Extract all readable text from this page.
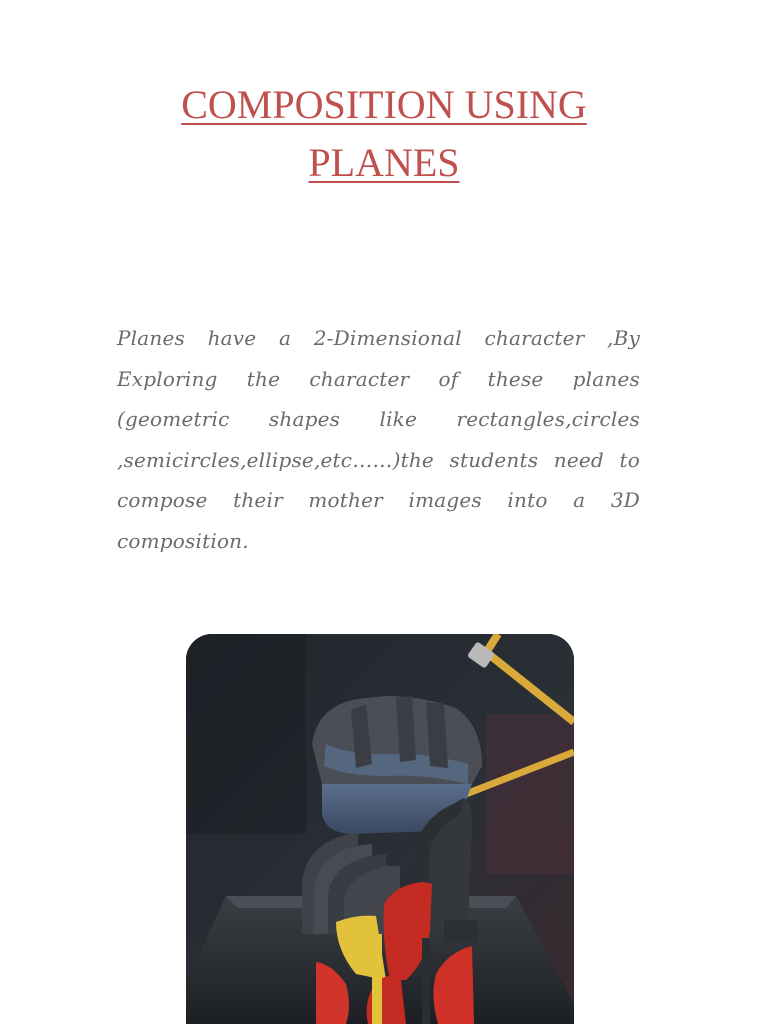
COMPOSITION USING
PLANES

Planes have a 2-Dimensional character ,By Exploring the character of these planes (geometric shapes like rectangles,circles ,semicircles,ellipse,etc……)the students need to compose their mother images into a 3D composition.
